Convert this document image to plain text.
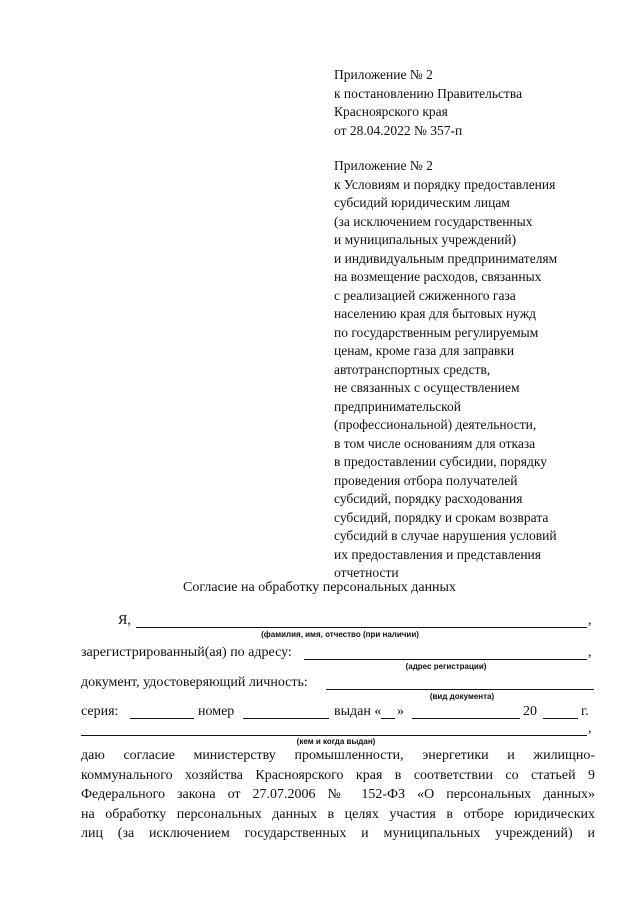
Приложение № 2
к постановлению Правительства
Красноярского края
от 28.04.2022 № 357-п
Приложение № 2
к Условиям и порядку предоставления
субсидий юридическим лицам
(за исключением государственных
и муниципальных учреждений)
и индивидуальным предпринимателям
на возмещение расходов, связанных
с реализацией сжиженного газа
населению края для бытовых нужд
по государственным регулируемым
ценам, кроме газа для заправки
автотранспортных средств,
не связанных с осуществлением
предпринимательской
(профессиональной) деятельности,
в том числе основаниям для отказа
в предоставлении субсидии, порядку
проведения отбора получателей
субсидий, порядку расходования
субсидий, порядку и срокам возврата
субсидий в случае нарушения условий
их предоставления и представления
отчетности
Согласие на обработку персональных данных
Я,	,
(фамилия, имя, отчество (при наличии)
зарегистрированный(ая) по адресу:	,
(адрес регистрации)
документ, удостоверяющий личность:
(вид документа)
серия:	номер	выдан « »	20	г.
,
(кем и когда выдан)
даю согласие министерству промышленности, энергетики и жилищно-
коммунального хозяйства Красноярского края в соответствии со статьей 9
Федерального закона от 27.07.2006 № 152-ФЗ «О персональных данных»
на обработку персональных данных в целях участия в отборе юридических
лиц (за исключением государственных и муниципальных учреждений) и
